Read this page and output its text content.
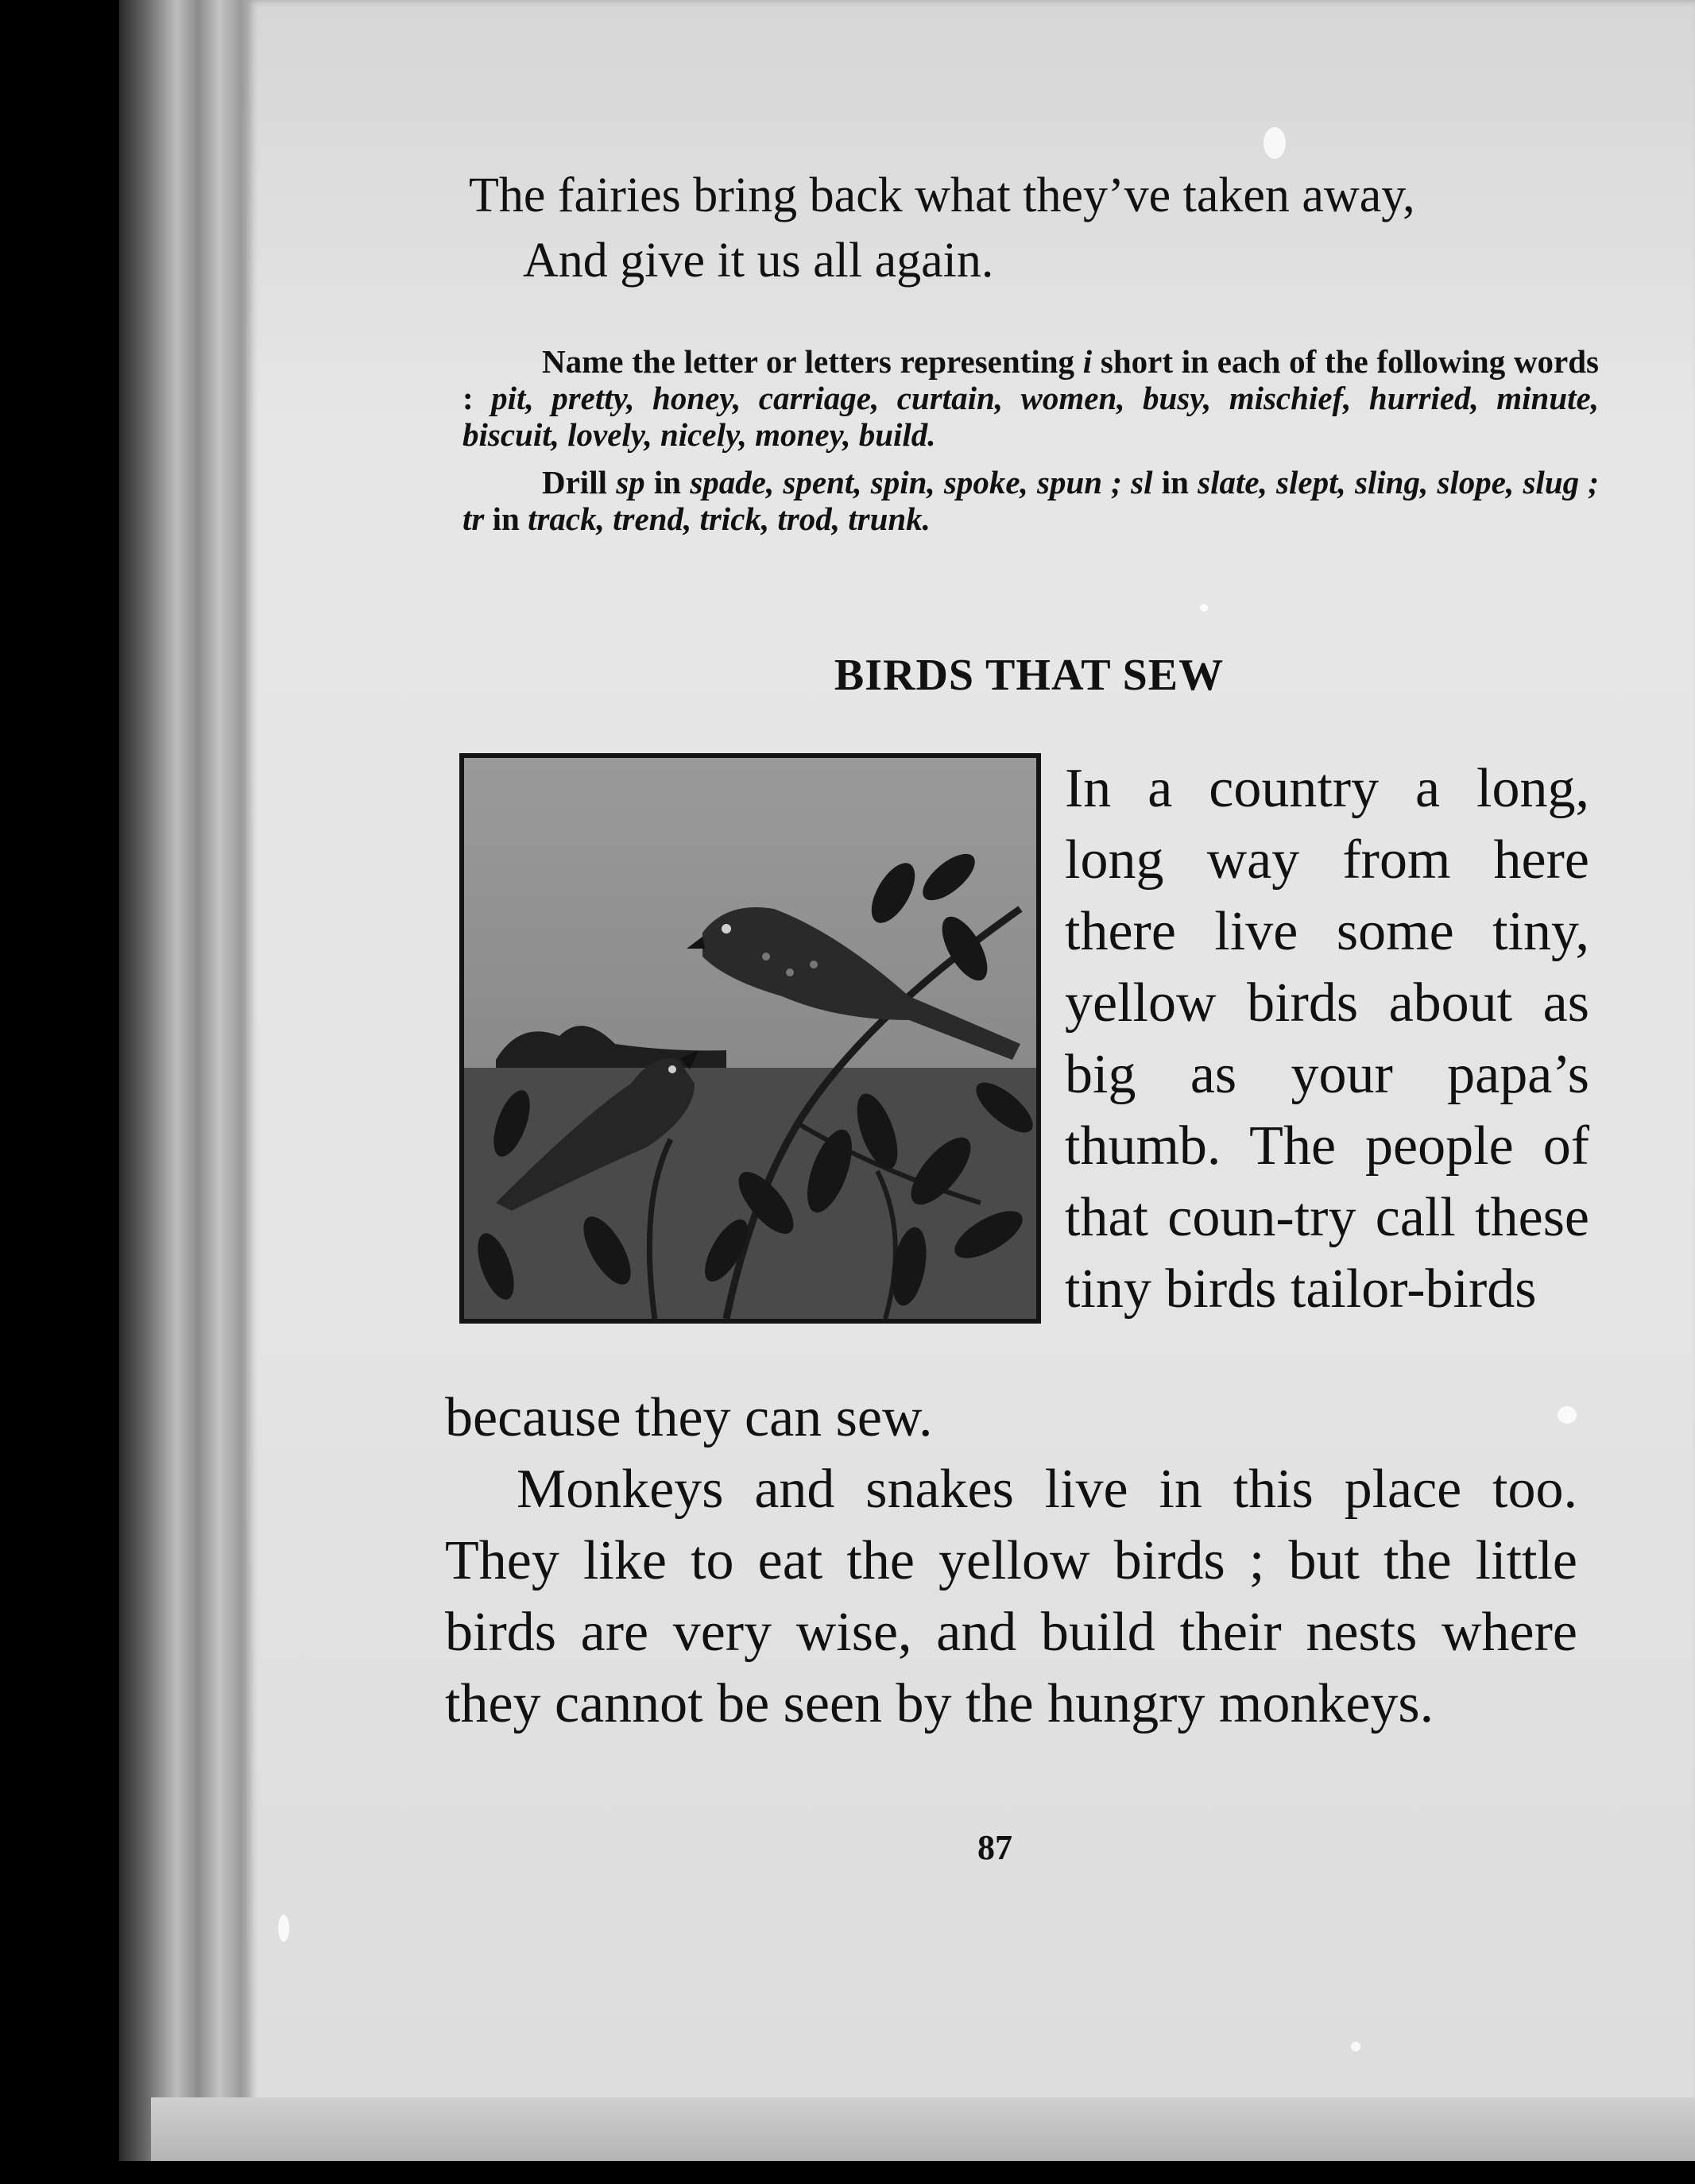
The fairies bring back what they’ve taken away,
And give it us all again.

Name the letter or letters representing i short in each of the following words : pit, pretty, honey, carriage, curtain, women, busy, mischief, hurried, minute, biscuit, lovely, nicely, money, build.

Drill sp in spade, spent, spin, spoke, spun ; sl in slate, slept, sling, slope, slug ; tr in track, trend, trick, trod, trunk.

BIRDS THAT SEW
In a country a long, long way from here there live some tiny, yellow birds about as big as your papa’s thumb. The people of that coun-try call these tiny birds tailor-birds

because they can sew.

Monkeys and snakes live in this place too. They like to eat the yellow birds ; but the little birds are very wise, and build their nests where they cannot be seen by the hungry monkeys.

87
